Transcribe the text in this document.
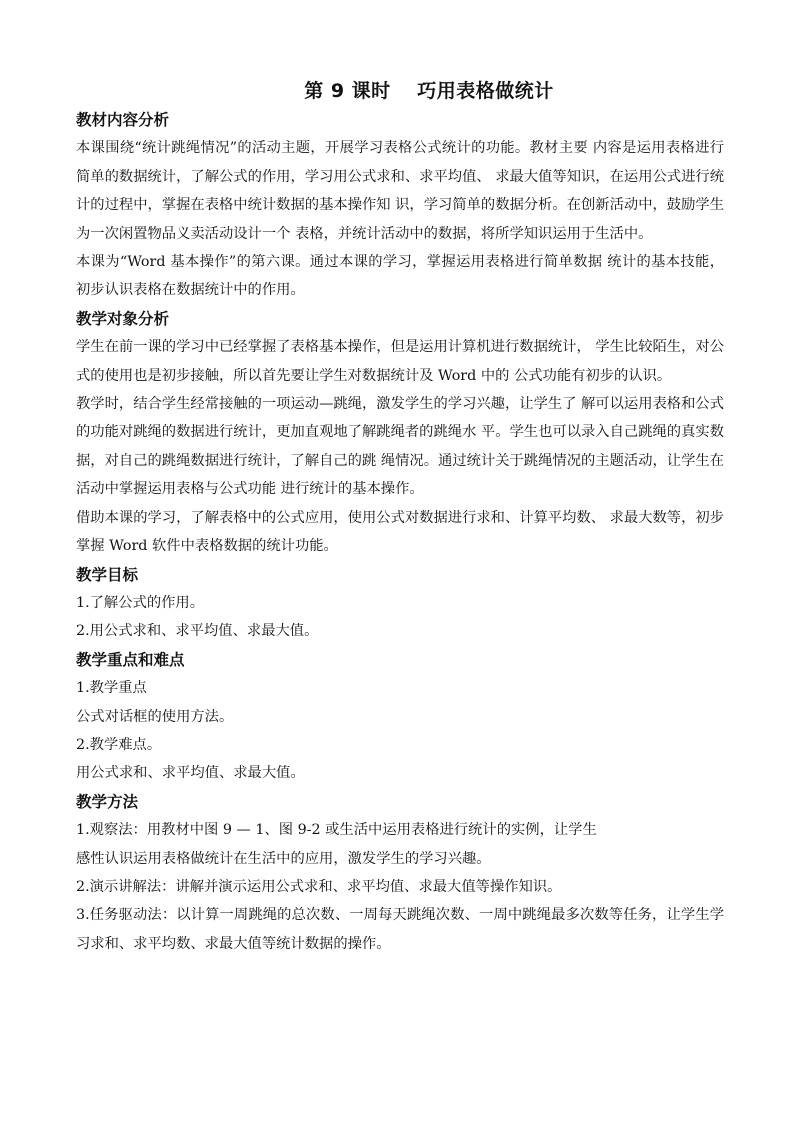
第 9 课时　 巧用表格做统计
教材内容分析

本课围绕“统计跳绳情况”的活动主题，开展学习表格公式统计的功能。教材主要 内容是运用表格进行简单的数据统计，了解公式的作用，学习用公式求和、求平均值、 求最大值等知识，在运用公式进行统计的过程中，掌握在表格中统计数据的基本操作知 识，学习简单的数据分析。在创新活动中，鼓励学生为一次闲置物品义卖活动设计一个 表格，并统计活动中的数据，将所学知识运用于生活中。

本课为“Word 基本操作”的第六课。通过本课的学习，掌握运用表格进行简单数据 统计的基本技能，初步认识表格在数据统计中的作用。

教学对象分析

学生在前一课的学习中已经掌握了表格基本操作，但是运用计算机进行数据统计， 学生比较陌生，对公式的使用也是初步接触，所以首先要让学生对数据统计及 Word 中的 公式功能有初步的认识。

教学时，结合学生经常接触的一项运动—跳绳，激发学生的学习兴趣，让学生了 解可以运用表格和公式的功能对跳绳的数据进行统计，更加直观地了解跳绳者的跳绳水 平。学生也可以录入自己跳绳的真实数据，对自己的跳绳数据进行统计，了解自己的跳 绳情况。通过统计关于跳绳情况的主题活动，让学生在活动中掌握运用表格与公式功能 进行统计的基本操作。

借助本课的学习，了解表格中的公式应用，使用公式对数据进行求和、计算平均数、 求最大数等，初步掌握 Word 软件中表格数据的统计功能。

教学目标

1.了解公式的作用。

2.用公式求和、求平均值、求最大值。

教学重点和难点

1.教学重点

公式对话框的使用方法。

2.教学难点。

用公式求和、求平均值、求最大值。

教学方法

1.观察法：用教材中图 9 — 1、图 9-2 或生活中运用表格进行统计的实例，让学生

感性认识运用表格做统计在生活中的应用，激发学生的学习兴趣。

2.演示讲解法：讲解并演示运用公式求和、求平均值、求最大值等操作知识。

3.任务驱动法：以计算一周跳绳的总次数、一周每天跳绳次数、一周中跳绳最多次数等任务，让学生学习求和、求平均数、求最大值等统计数据的操作。
